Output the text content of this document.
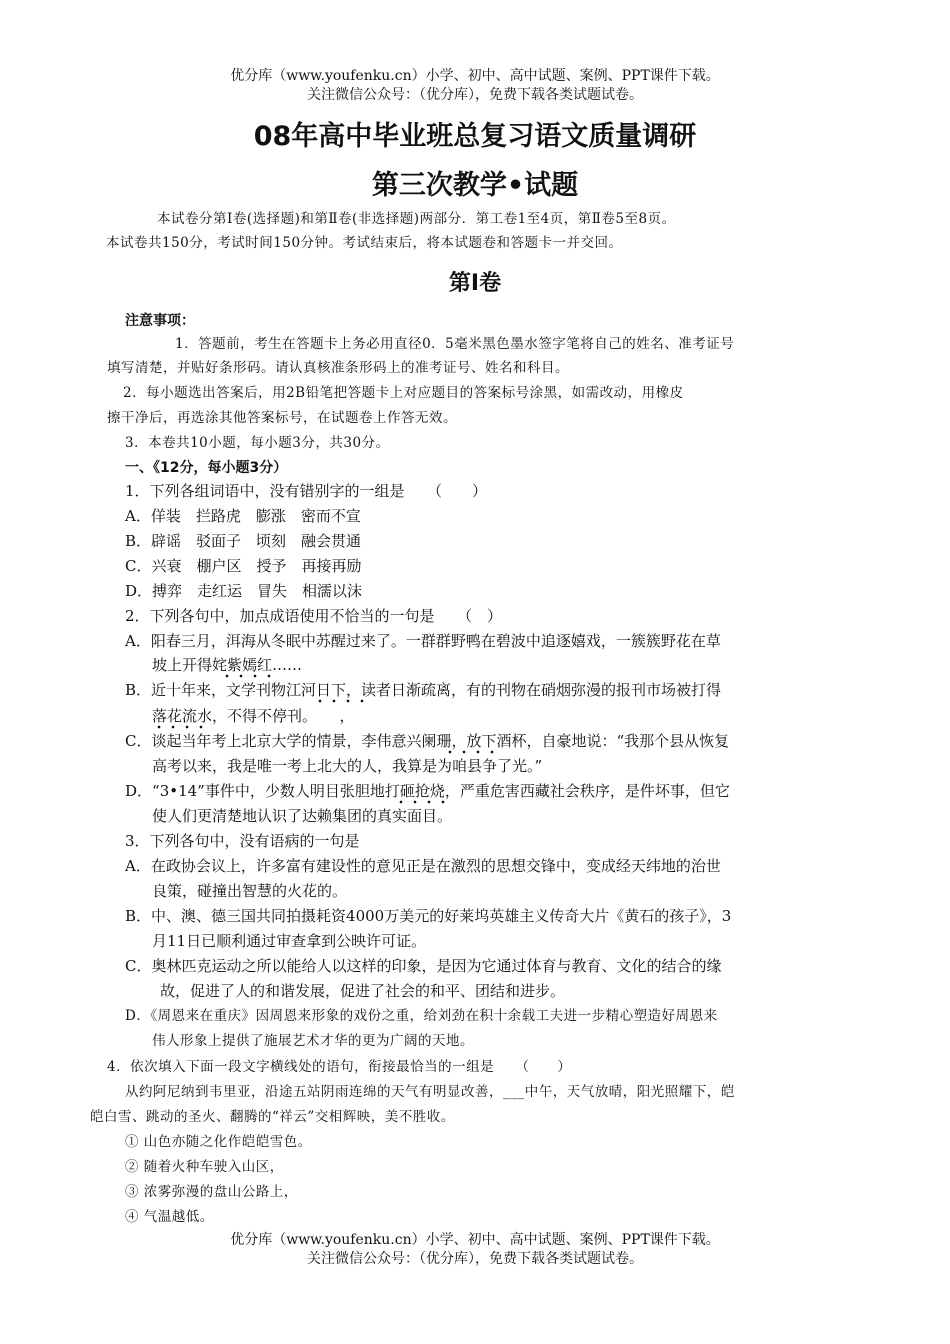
优分库（www.youfenku.cn）小学、初中、高中试题、案例、PPT课件下载。
关注微信公众号：（优分库），免费下载各类试题试卷。
08年高中毕业班总复习语文质量调研
第三次教学•试题
本试卷分第Ⅰ卷(选择题)和第Ⅱ卷(非选择题)两部分．第工卷1至4页，第Ⅱ卷5至8页。
本试卷共150分，考试时间150分钟。考试结束后，将本试题卷和答题卡一并交回。
第Ⅰ卷
注意事项：
1．答题前，考生在答题卡上务必用直径0．5毫米黑色墨水签字笔将自己的姓名、准考证号
填写清楚，并贴好条形码。请认真核准条形码上的准考证号、姓名和科目。
2．每小题选出答案后，用2B铅笔把答题卡上对应题目的答案标号涂黑，如需改动，用橡皮
擦干净后，再选涂其他答案标号，在试题卷上作答无效。
3．本卷共10小题，每小题3分，共30分。
一、《12分，每小题3分）
1．下列各组词语中，没有错别字的一组是　　（　　）
A．佯装　拦路虎　膨涨　密而不宣
B．辟谣　驳面子　顷刻　融会贯通
C．兴衰　棚户区　授予　再接再励
D．搏弈　走红运　冒失　相濡以沫
2．下列各句中，加点成语使用不恰当的一句是　　（　）
A．阳春三月，洱海从冬眠中苏醒过来了。一群群野鸭在碧波中追逐嬉戏，一簇簇野花在草
坡上开得姹紫嫣红……
B．近十年来，文学刊物江河日下，读者日渐疏离，有的刊物在硝烟弥漫的报刊市场被打得
落花流水，不得不停刊。　　，
C．谈起当年考上北京大学的情景，李伟意兴阑珊，放下酒杯，自豪地说：“我那个县从恢复
高考以来，我是唯一考上北大的人，我算是为咱县争了光。”
D．“3•14”事件中，少数人明目张胆地打砸抢烧，严重危害西藏社会秩序，是件坏事，但它
使人们更清楚地认识了达赖集团的真实面目。
3．下列各句中，没有语病的一句是
A．在政协会议上，许多富有建设性的意见正是在激烈的思想交锋中，变成经天纬地的治世
良策，碰撞出智慧的火花的。
B．中、澳、德三国共同拍摄耗资4000万美元的好莱坞英雄主义传奇大片《黄石的孩子》，3
月11日已顺利通过审查拿到公映许可证。
C．奥林匹克运动之所以能给人以这样的印象，是因为它通过体育与教育、文化的结合的缘
故，促进了人的和谐发展，促进了社会的和平、团结和进步。
D．《周恩来在重庆》因周恩来形象的戏份之重，给刘劲在积十余载工夫进一步精心塑造好周恩来
伟人形象上提供了施展艺术才华的更为广阔的天地。
4．依次填入下面一段文字横线处的语句，衔接最恰当的一组是　　（　　）
从约阿尼纳到韦里亚，沿途五站阴雨连绵的天气有明显改善，___中午，天气放晴，阳光照耀下，皑
皑白雪、跳动的圣火、翻腾的“祥云”交相辉映，美不胜收。
① 山色亦随之化作皑皑雪色。
② 随着火种车驶入山区，
③ 浓雾弥漫的盘山公路上，
④ 气温越低。
优分库（www.youfenku.cn）小学、初中、高中试题、案例、PPT课件下载。
关注微信公众号：（优分库），免费下载各类试题试卷。
